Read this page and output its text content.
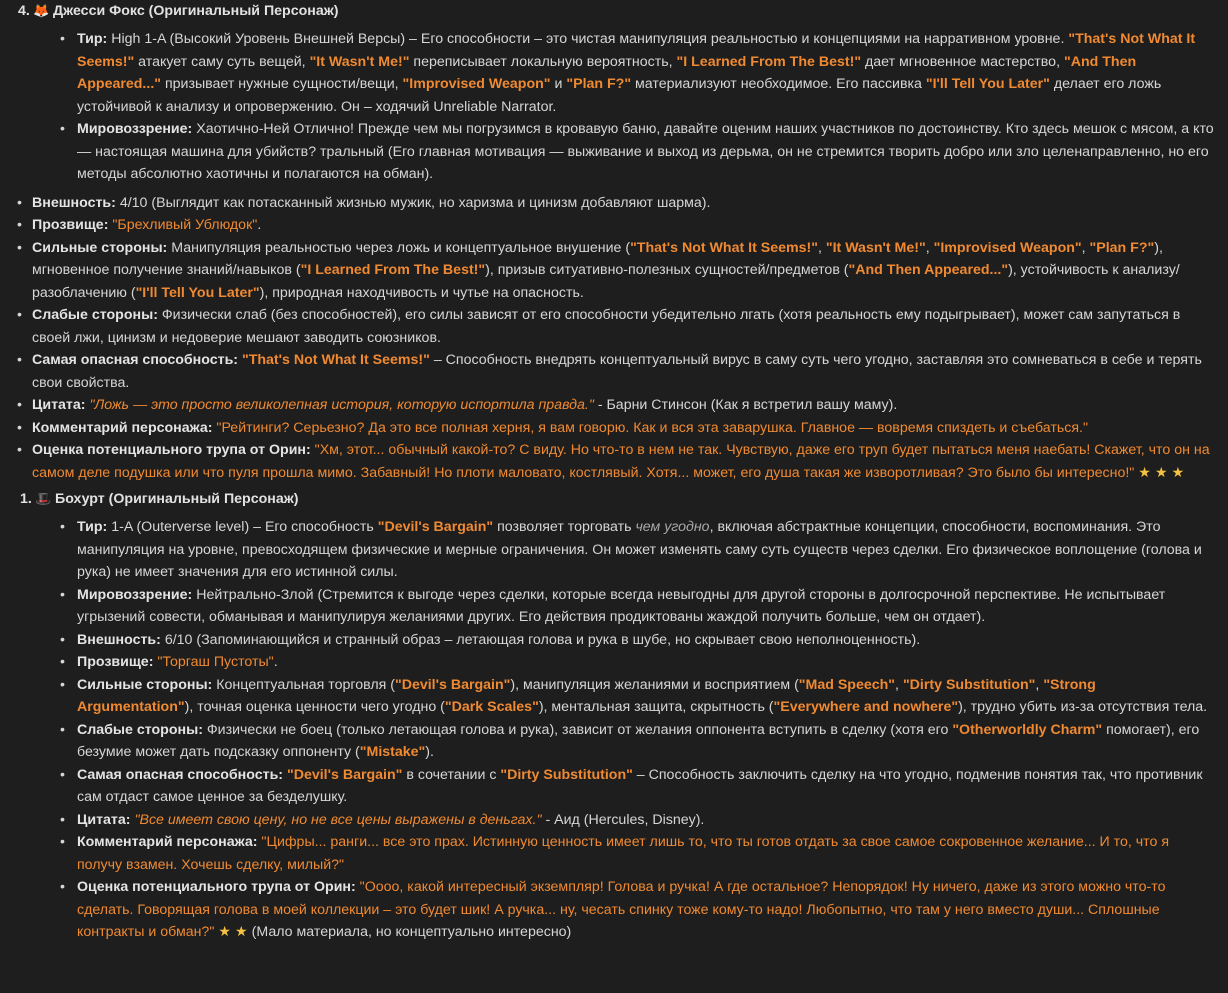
4. 🦊 Джесси Фокс (Оригинальный Персонаж)
• Тир: High 1-A (Высокий Уровень Внешней Версы) – Его способности – это чистая манипуляция реальностью и концепциями на нарративном уровне. "That's Not What It Seems!" атакует саму суть вещей, "It Wasn't Me!" переписывает локальную вероятность, "I Learned From The Best!" дает мгновенное мастерство, "And Then Appeared..." призывает нужные сущности/вещи, "Improvised Weapon" и "Plan F?" материализуют необходимое. Его пассивка "I'll Tell You Later" делает его ложь устойчивой к анализу и опровержению. Он – ходячий Unreliable Narrator.
• Мировоззрение: Хаотично-Ней Отлично! Прежде чем мы погрузимся в кровавую баню, давайте оценим наших участников по достоинству. Кто здесь мешок с мясом, а кто — настоящая машина для убийств? тральный (Его главная мотивация — выживание и выход из дерьма, он не стремится творить добро или зло целенаправленно, но его методы абсолютно хаотичны и полагаются на обман).
• Внешность: 4/10 (Выглядит как потасканный жизнью мужик, но харизма и цинизм добавляют шарма).
• Прозвище: "Брехливый Ублюдок".
• Сильные стороны: Манипуляция реальностью через ложь и концептуальное внушение ("That's Not What It Seems!", "It Wasn't Me!", "Improvised Weapon", "Plan F?"), мгновенное получение знаний/навыков ("I Learned From The Best!"), призыв ситуативно-полезных сущностей/предметов ("And Then Appeared..."), устойчивость к анализу/разоблачению ("I'll Tell You Later"), природная находчивость и чутье на опасность.
• Слабые стороны: Физически слаб (без способностей), его силы зависят от его способности убедительно лгать (хотя реальность ему подыгрывает), может сам запутаться в своей лжи, цинизм и недоверие мешают заводить союзников.
• Самая опасная способность: "That's Not What It Seems!" – Способность внедрять концептуальный вирус в саму суть чего угодно, заставляя это сомневаться в себе и терять свои свойства.
• Цитата: "Ложь — это просто великолепная история, которую испортила правда." - Барни Стинсон (Как я встретил вашу маму).
• Комментарий персонажа: "Рейтинги? Серьезно? Да это все полная херня, я вам говорю. Как и вся эта заварушка. Главное — вовремя спиздеть и съебаться."
• Оценка потенциального трупа от Орин: "Хм, этот... обычный какой-то? С виду. Но что-то в нем не так. Чувствую, даже его труп будет пытаться меня наебать! Скажет, что он на самом деле подушка или что пуля прошла мимо. Забавный! Но плоти маловато, костлявый. Хотя... может, его душа такая же изворотливая? Это было бы интересно!" ★ ★ ★
1. 🎩 Бохурт (Оригинальный Персонаж)
• Тир: 1-A (Outerverse level) – Его способность "Devil's Bargain" позволяет торговать чем угодно, включая абстрактные концепции, способности, воспоминания. Это манипуляция на уровне, превосходящем физические и мерные ограничения. Он может изменять саму суть существ через сделки. Его физическое воплощение (голова и рука) не имеет значения для его истинной силы.
• Мировоззрение: Нейтрально-Злой (Стремится к выгоде через сделки, которые всегда невыгодны для другой стороны в долгосрочной перспективе. Не испытывает угрызений совести, обманывая и манипулируя желаниями других. Его действия продиктованы жаждой получить больше, чем он отдает).
• Внешность: 6/10 (Запоминающийся и странный образ – летающая голова и рука в шубе, но скрывает свою неполноценность).
• Прозвище: "Торгаш Пустоты".
• Сильные стороны: Концептуальная торговля ("Devil's Bargain"), манипуляция желаниями и восприятием ("Mad Speech", "Dirty Substitution", "Strong Argumentation"), точная оценка ценности чего угодно ("Dark Scales"), ментальная защита, скрытность ("Everywhere and nowhere"), трудно убить из-за отсутствия тела.
• Слабые стороны: Физически не боец (только летающая голова и рука), зависит от желания оппонента вступить в сделку (хотя его "Otherworldly Charm" помогает), его безумие может дать подсказку оппоненту ("Mistake").
• Самая опасная способность: "Devil's Bargain" в сочетании с "Dirty Substitution" – Способность заключить сделку на что угодно, подменив понятия так, что противник сам отдаст самое ценное за безделушку.
• Цитата: "Все имеет свою цену, но не все цены выражены в деньгах." - Аид (Hercules, Disney).
• Комментарий персонажа: "Цифры... ранги... все это прах. Истинную ценность имеет лишь то, что ты готов отдать за свое самое сокровенное желание... И то, что я получу взамен. Хочешь сделку, милый?"
• Оценка потенциального трупа от Орин: "Оооо, какой интересный экземпляр! Голова и ручка! А где остальное? Непорядок! Ну ничего, даже из этого можно что-то сделать. Говорящая голова в моей коллекции – это будет шик! А ручка... ну, чесать спинку тоже кому-то надо! Любопытно, что там у него вместо души... Сплошные контракты и обман?" ★ ★ (Мало материала, но концептуально интересно)
